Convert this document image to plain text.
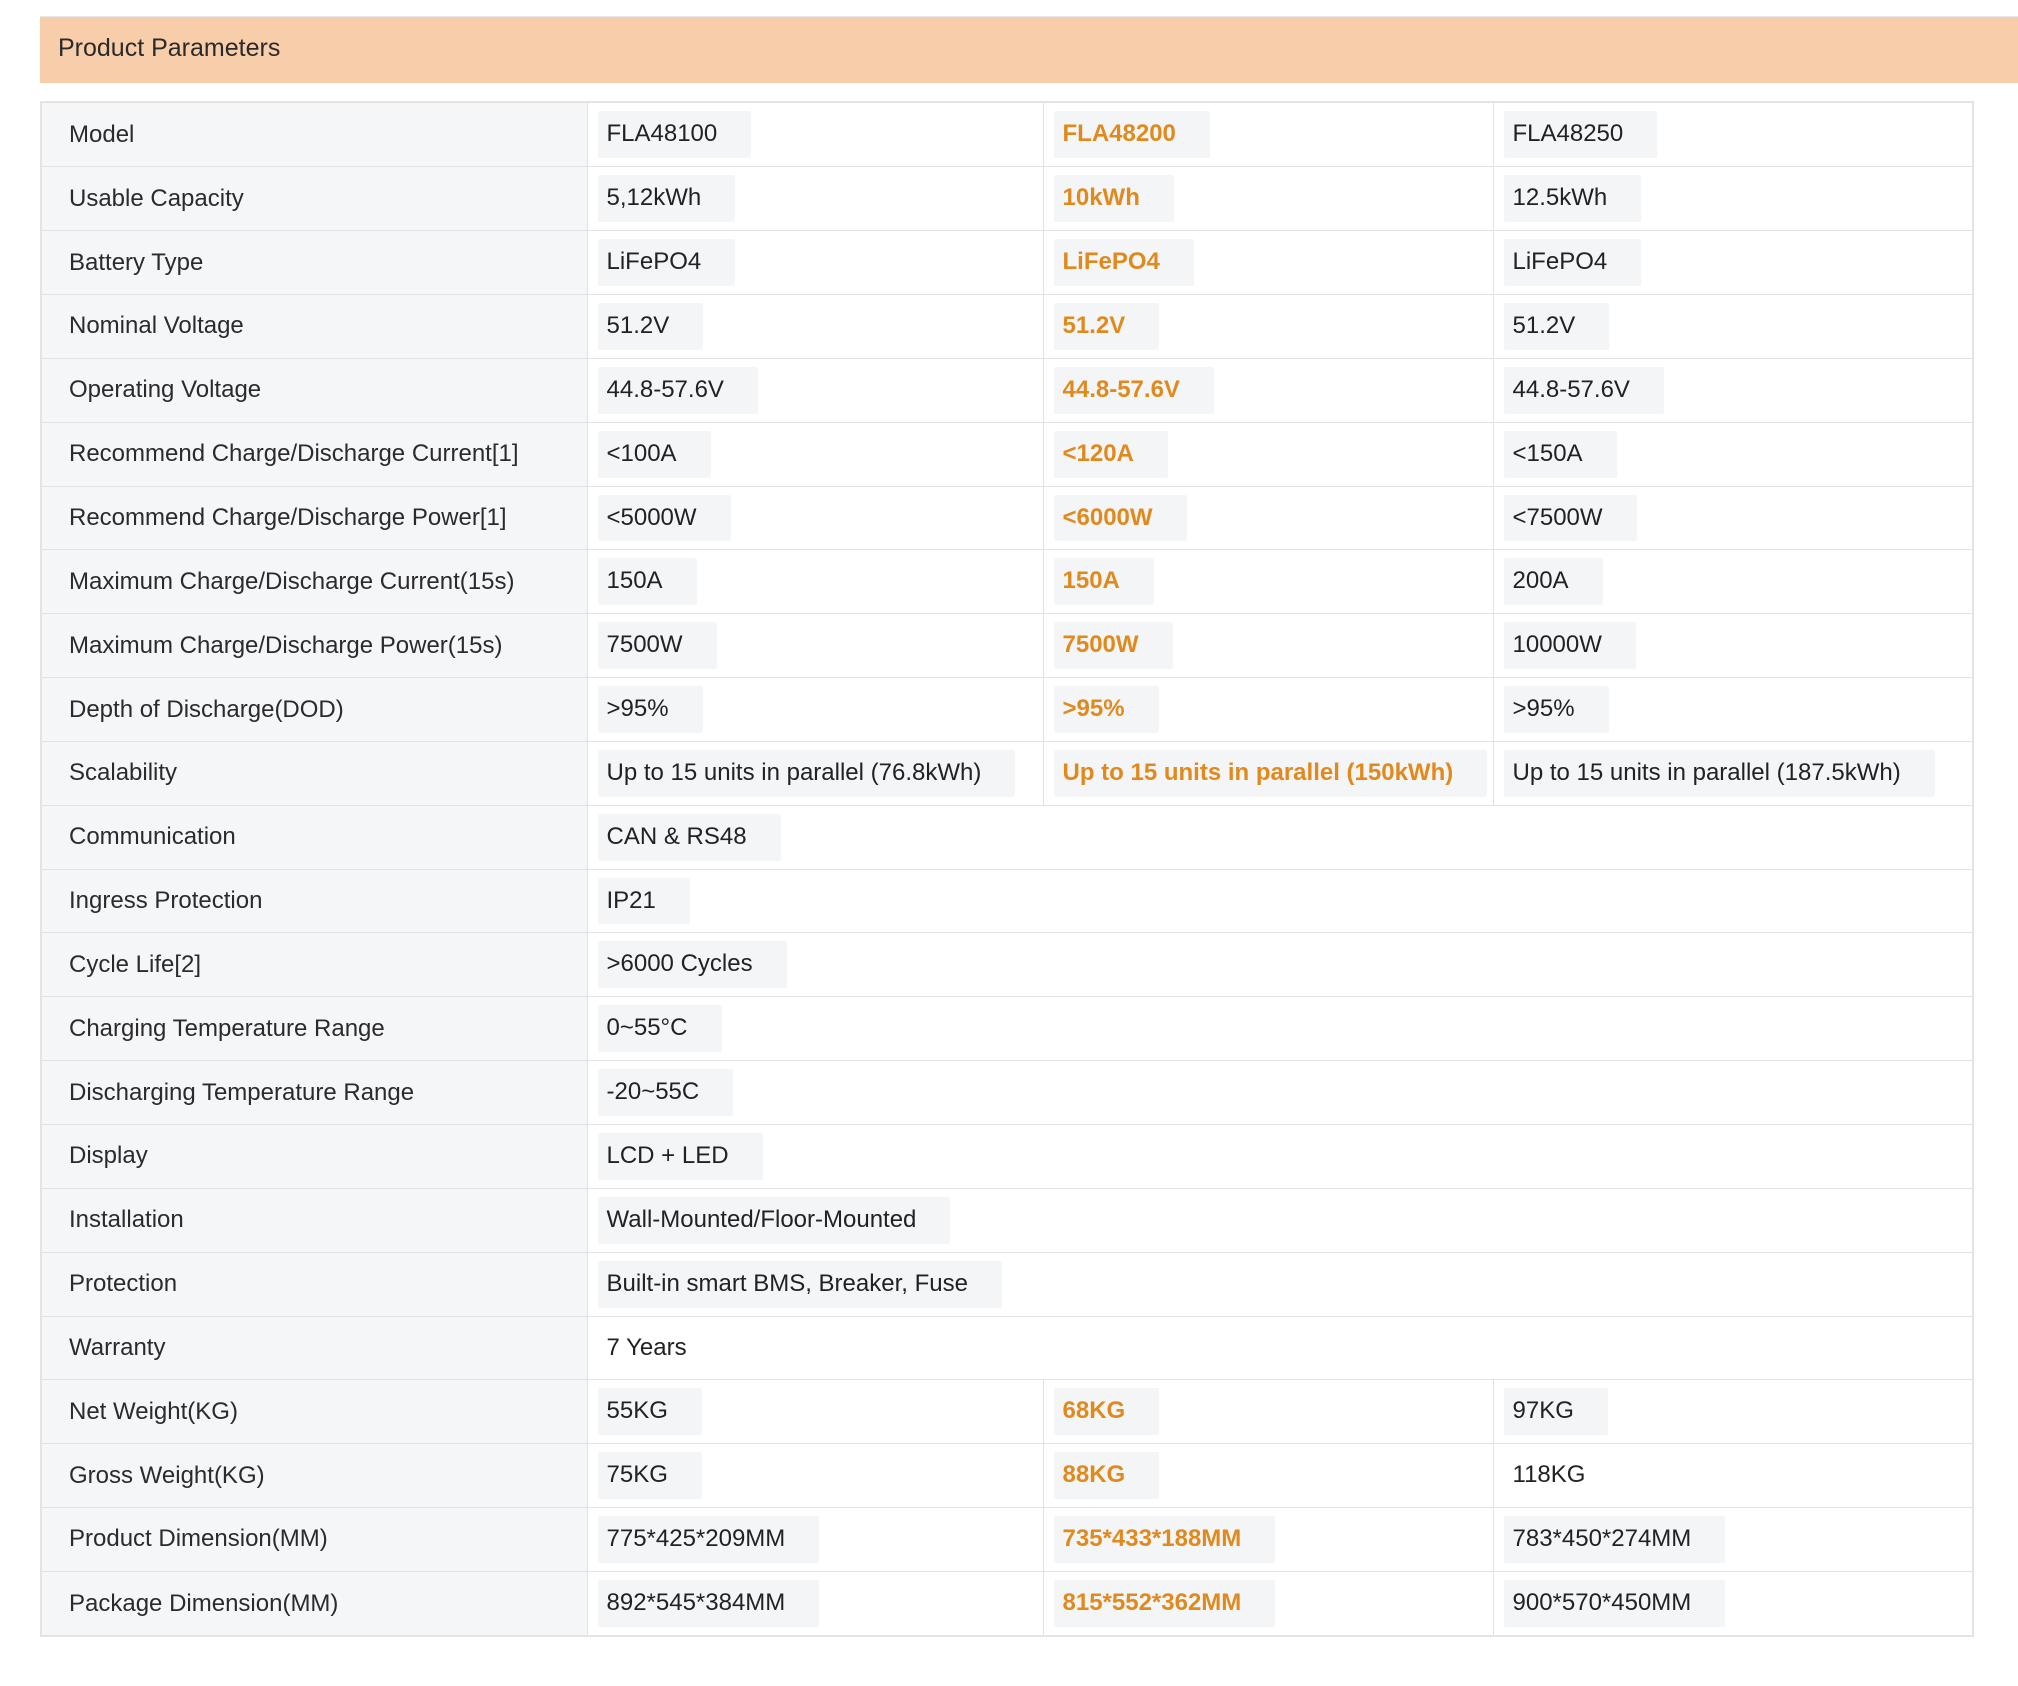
Product Parameters
Model	FLA48100	FLA48200	FLA48250
Usable Capacity	5,12kWh	10kWh	12.5kWh
Battery Type	LiFePO4	LiFePO4	LiFePO4
Nominal Voltage	51.2V	51.2V	51.2V
Operating Voltage	44.8-57.6V	44.8-57.6V	44.8-57.6V
Recommend Charge/Discharge Current[1]	<100A	<120A	<150A
Recommend Charge/Discharge Power[1]	<5000W	<6000W	<7500W
Maximum Charge/Discharge Current(15s)	150A	150A	200A
Maximum Charge/Discharge Power(15s)	7500W	7500W	10000W
Depth of Discharge(DOD)	>95%	>95%	>95%
Scalability	Up to 15 units in parallel (76.8kWh)	Up to 15 units in parallel (150kWh)	Up to 15 units in parallel (187.5kWh)
Communication	CAN & RS48		
Ingress Protection	IP21		
Cycle Life[2]	>6000 Cycles		
Charging Temperature Range	0~55°C		
Discharging Temperature Range	-20~55C		
Display	LCD + LED		
Installation	Wall-Mounted/Floor-Mounted		
Protection	Built-in smart BMS, Breaker, Fuse		
Warranty	7 Years		
Net Weight(KG)	55KG	68KG	97KG
Gross Weight(KG)	75KG	88KG	118KG
Product Dimension(MM)	775*425*209MM	735*433*188MM	783*450*274MM
Package Dimension(MM)	892*545*384MM	815*552*362MM	900*570*450MM
